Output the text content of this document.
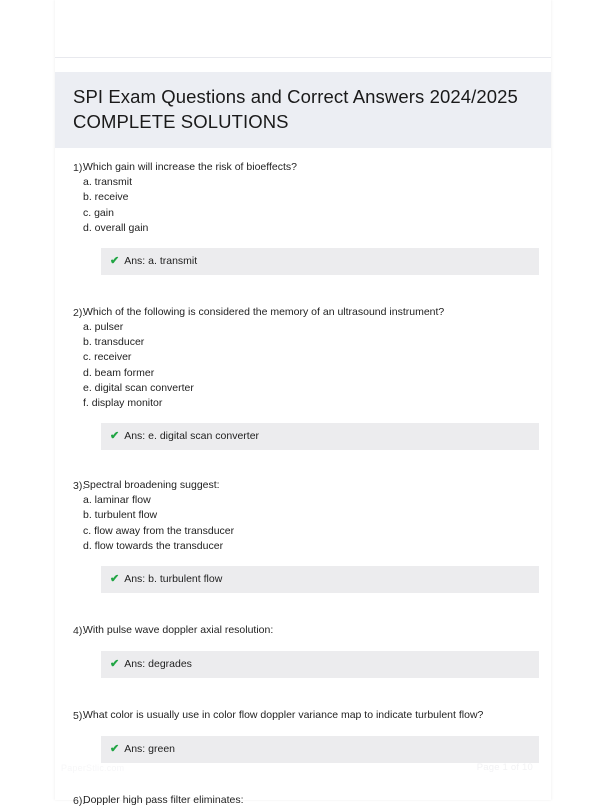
SPI Exam Questions and Correct Answers 2024/2025 COMPLETE SOLUTIONS
1).

Which gain will increase the risk of bioeffects?

a. transmit
b. receive
c. gain
d. overall gain
✔ Ans: a. transmit
2).

Which of the following is considered the memory of an ultrasound instrument?

a. pulser
b. transducer
c. receiver
d. beam former
e. digital scan converter
f. display monitor
✔ Ans: e. digital scan converter
3).

Spectral broadening suggest:

a. laminar flow
b. turbulent flow
c. flow away from the transducer
d. flow towards the transducer
✔ Ans: b. turbulent flow
4).

With pulse wave doppler axial resolution:

✔ Ans: degrades
5).

What color is usually use in color flow doppler variance map to indicate turbulent flow?

✔ Ans: green
6).

Doppler high pass filter eliminates:

PaperStlic.com	Page 1 of 10
